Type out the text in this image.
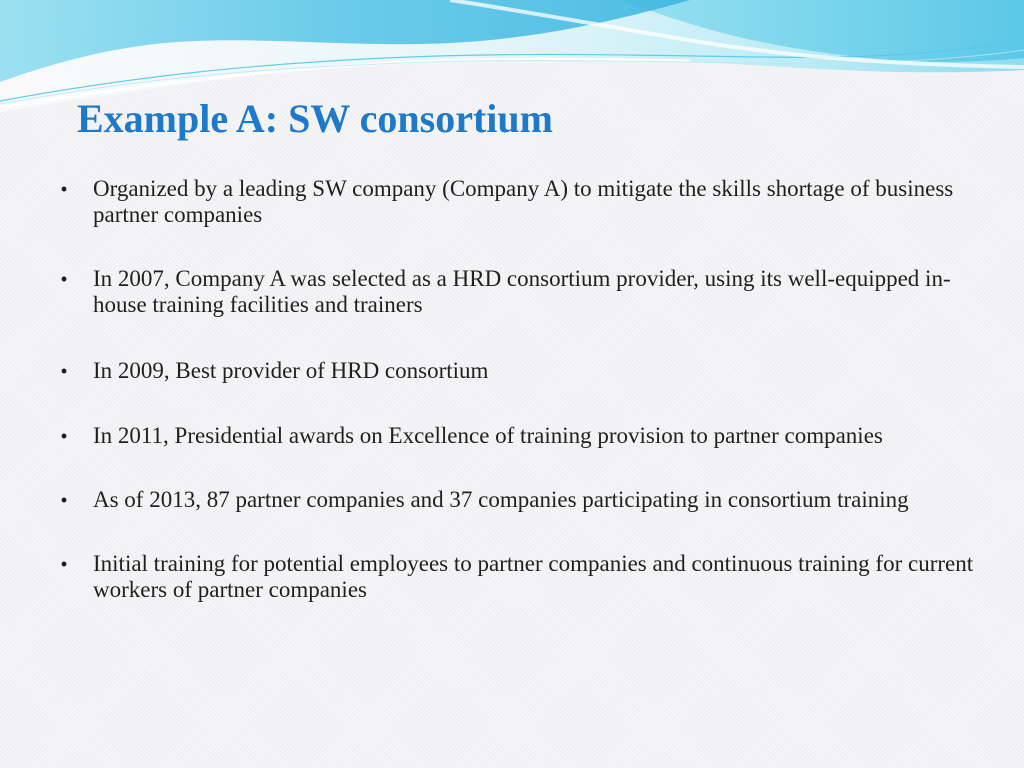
Example A: SW consortium
• Organized by a leading SW company (Company A) to mitigate the skills shortage of business partner companies
• In 2007, Company A was selected as a HRD consortium provider, using its well-equipped in-house training facilities and trainers
• In 2009, Best provider of HRD consortium
• In 2011, Presidential awards on Excellence of training provision to partner companies
• As of 2013, 87 partner companies and 37 companies participating in consortium training
• Initial training for potential employees to partner companies and continuous training for current workers of partner companies
